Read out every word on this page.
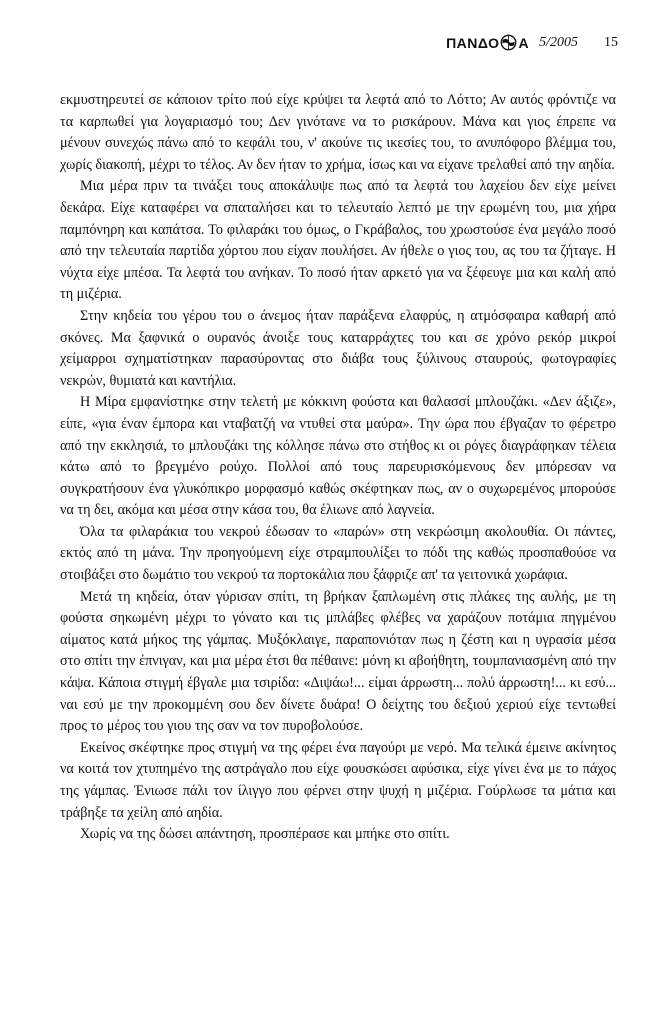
ΠΑΝΔΟ Α 5/2005 15

εκμυστηρευτεί σε κάποιον τρίτο πού είχε κρύψει τα λεφτά από το Λόττο; Αν αυτός φρόντιζε να τα καρπωθεί για λογαριασμό του; Δεν γινότανε να το ρισκάρουν. Μάνα και γιος έπρεπε να μένουν συνεχώς πάνω από το κεφάλι του, ν' ακούνε τις ικεσίες του, το ανυπόφορο βλέμμα του, χωρίς διακοπή, μέχρι το τέλος. Αν δεν ήταν το χρήμα, ίσως και να είχανε τρελαθεί από την αηδία.

Μια μέρα πριν τα τινάξει τους αποκάλυψε πως από τα λεφτά του λαχείου δεν είχε μείνει δεκάρα. Είχε καταφέρει να σπαταλήσει και το τελευταίο λεπτό με την ερωμένη του, μια χήρα παμπόνηρη και καπάτσα. Το φιλαράκι του όμως, ο Γκράβαλος, του χρωστούσε ένα μεγάλο ποσό από την τελευταία παρτίδα χόρτου που είχαν πουλήσει. Αν ήθελε ο γιος του, ας του τα ζήταγε. Η νύχτα είχε μπέσα. Τα λεφτά του ανήκαν. Το ποσό ήταν αρκετό για να ξέφευγε μια και καλή από τη μιζέρια.

Στην κηδεία του γέρου του ο άνεμος ήταν παράξενα ελαφρύς, η ατμόσφαιρα καθαρή από σκόνες. Μα ξαφνικά ο ουρανός άνοιξε τους καταρράχτες του και σε χρόνο ρεκόρ μικροί χείμαρροι σχηματίστηκαν παρασύροντας στο διάβα τους ξύλινους σταυρούς, φωτογραφίες νεκρών, θυμιατά και καντήλια.

Η Μίρα εμφανίστηκε στην τελετή με κόκκινη φούστα και θαλασσί μπλουζάκι. «Δεν άξιζε», είπε, «για έναν έμπορα και νταβατζή να ντυθεί στα μαύρα». Την ώρα που έβγαζαν το φέρετρο από την εκκλησιά, το μπλουζάκι της κόλλησε πάνω στο στήθος κι οι ρόγες διαγράφηκαν τέλεια κάτω από το βρεγμένο ρούχο. Πολλοί από τους παρευρισκόμενους δεν μπόρεσαν να συγκρατήσουν ένα γλυκόπικρο μορφασμό καθώς σκέφτηκαν πως, αν ο συχωρεμένος μπορούσε να τη δει, ακόμα και μέσα στην κάσα του, θα έλιωνε από λαγνεία.

Όλα τα φιλαράκια του νεκρού έδωσαν το «παρών» στη νεκρώσιμη ακολουθία. Οι πάντες, εκτός από τη μάνα. Την προηγούμενη είχε στραμπουλίξει το πόδι της καθώς προσπαθούσε να στοιβάξει στο δωμάτιο του νεκρού τα πορτοκάλια που ξάφριζε απ' τα γειτονικά χωράφια.

Μετά τη κηδεία, όταν γύρισαν σπίτι, τη βρήκαν ξαπλωμένη στις πλάκες της αυλής, με τη φούστα σηκωμένη μέχρι το γόνατο και τις μπλάβες φλέβες να χαράζουν ποτάμια πηγμένου αίματος κατά μήκος της γάμπας. Μυξόκλαιγε, παραπονιόταν πως η ζέστη και η υγρασία μέσα στο σπίτι την έπνιγαν, και μια μέρα έτσι θα πέθαινε: μόνη κι αβοήθητη, τουμπανιασμένη από την κάψα. Κάποια στιγμή έβγαλε μια τσιρίδα: «Διψάω!... είμαι άρρωστη... πολύ άρρωστη!... κι εσύ... ναι εσύ με την προκομμένη σου δεν δίνετε δυάρα! Ο δείχτης του δεξιού χεριού είχε τεντωθεί προς το μέρος του γιου της σαν να τον πυροβολούσε.

Εκείνος σκέφτηκε προς στιγμή να της φέρει ένα παγούρι με νερό. Μα τελικά έμεινε ακίνητος να κοιτά τον χτυπημένο της αστράγαλο που είχε φουσκώσει αφύσικα, είχε γίνει ένα με το πάχος της γάμπας. Ένιωσε πάλι τον ίλιγγο που φέρνει στην ψυχή η μιζέρια. Γούρλωσε τα μάτια και τράβηξε τα χείλη από αηδία.

Χωρίς να της δώσει απάντηση, προσπέρασε και μπήκε στο σπίτι.
